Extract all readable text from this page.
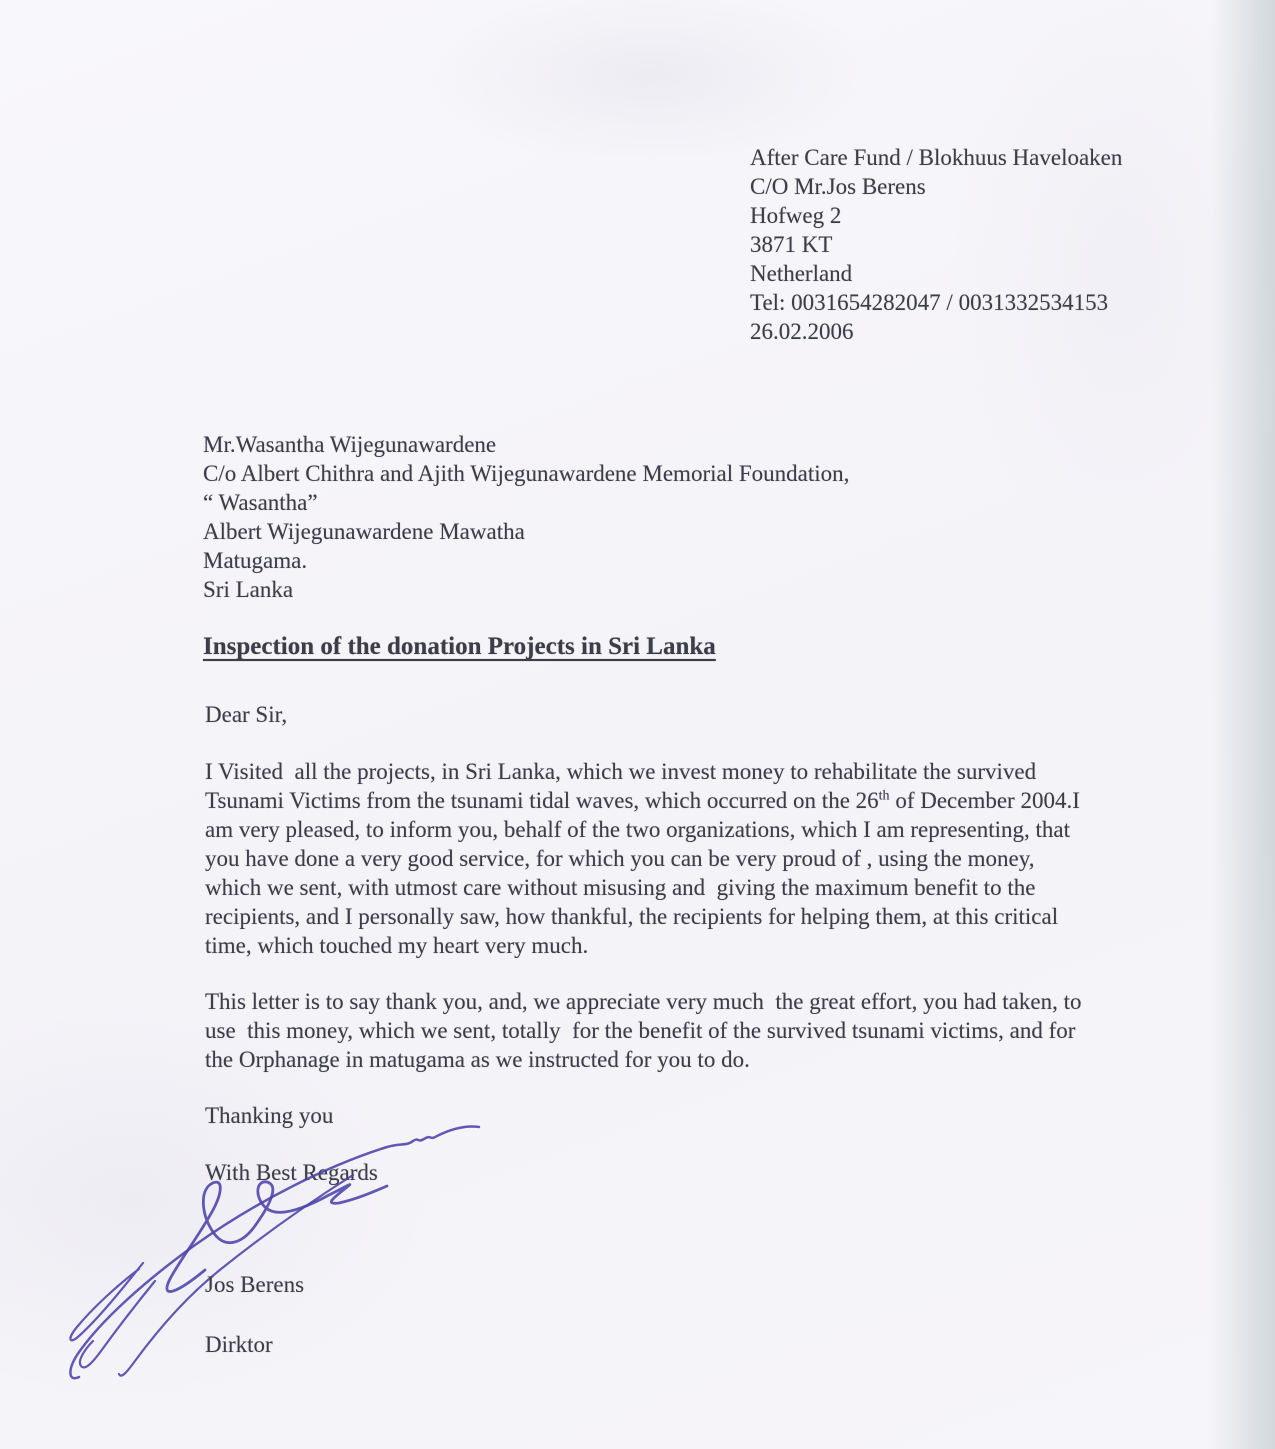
After Care Fund / Blokhuus Haveloaken
C/O Mr.Jos Berens
Hofweg 2
3871 KT
Netherland
Tel: 0031654282047 / 0031332534153
26.02.2006
Mr.Wasantha Wijegunawardene
C/o Albert Chithra and Ajith Wijegunawardene Memorial Foundation,
“ Wasantha”
Albert Wijegunawardene Mawatha
Matugama.
Sri Lanka
Inspection of the donation Projects in Sri Lanka
Dear Sir,
I Visited  all the projects, in Sri Lanka, which we invest money to rehabilitate the survived
Tsunami Victims from the tsunami tidal waves, which occurred on the 26th of December 2004.I
am very pleased, to inform you, behalf of the two organizations, which I am representing, that
you have done a very good service, for which you can be very proud of , using the money,
which we sent, with utmost care without misusing and  giving the maximum benefit to the
recipients, and I personally saw, how thankful, the recipients for helping them, at this critical
time, which touched my heart very much.
This letter is to say thank you, and, we appreciate very much  the great effort, you had taken, to
use  this money, which we sent, totally  for the benefit of the survived tsunami victims, and for
the Orphanage in matugama as we instructed for you to do.
Thanking you
With Best Regards
Jos Berens
Dirktor
